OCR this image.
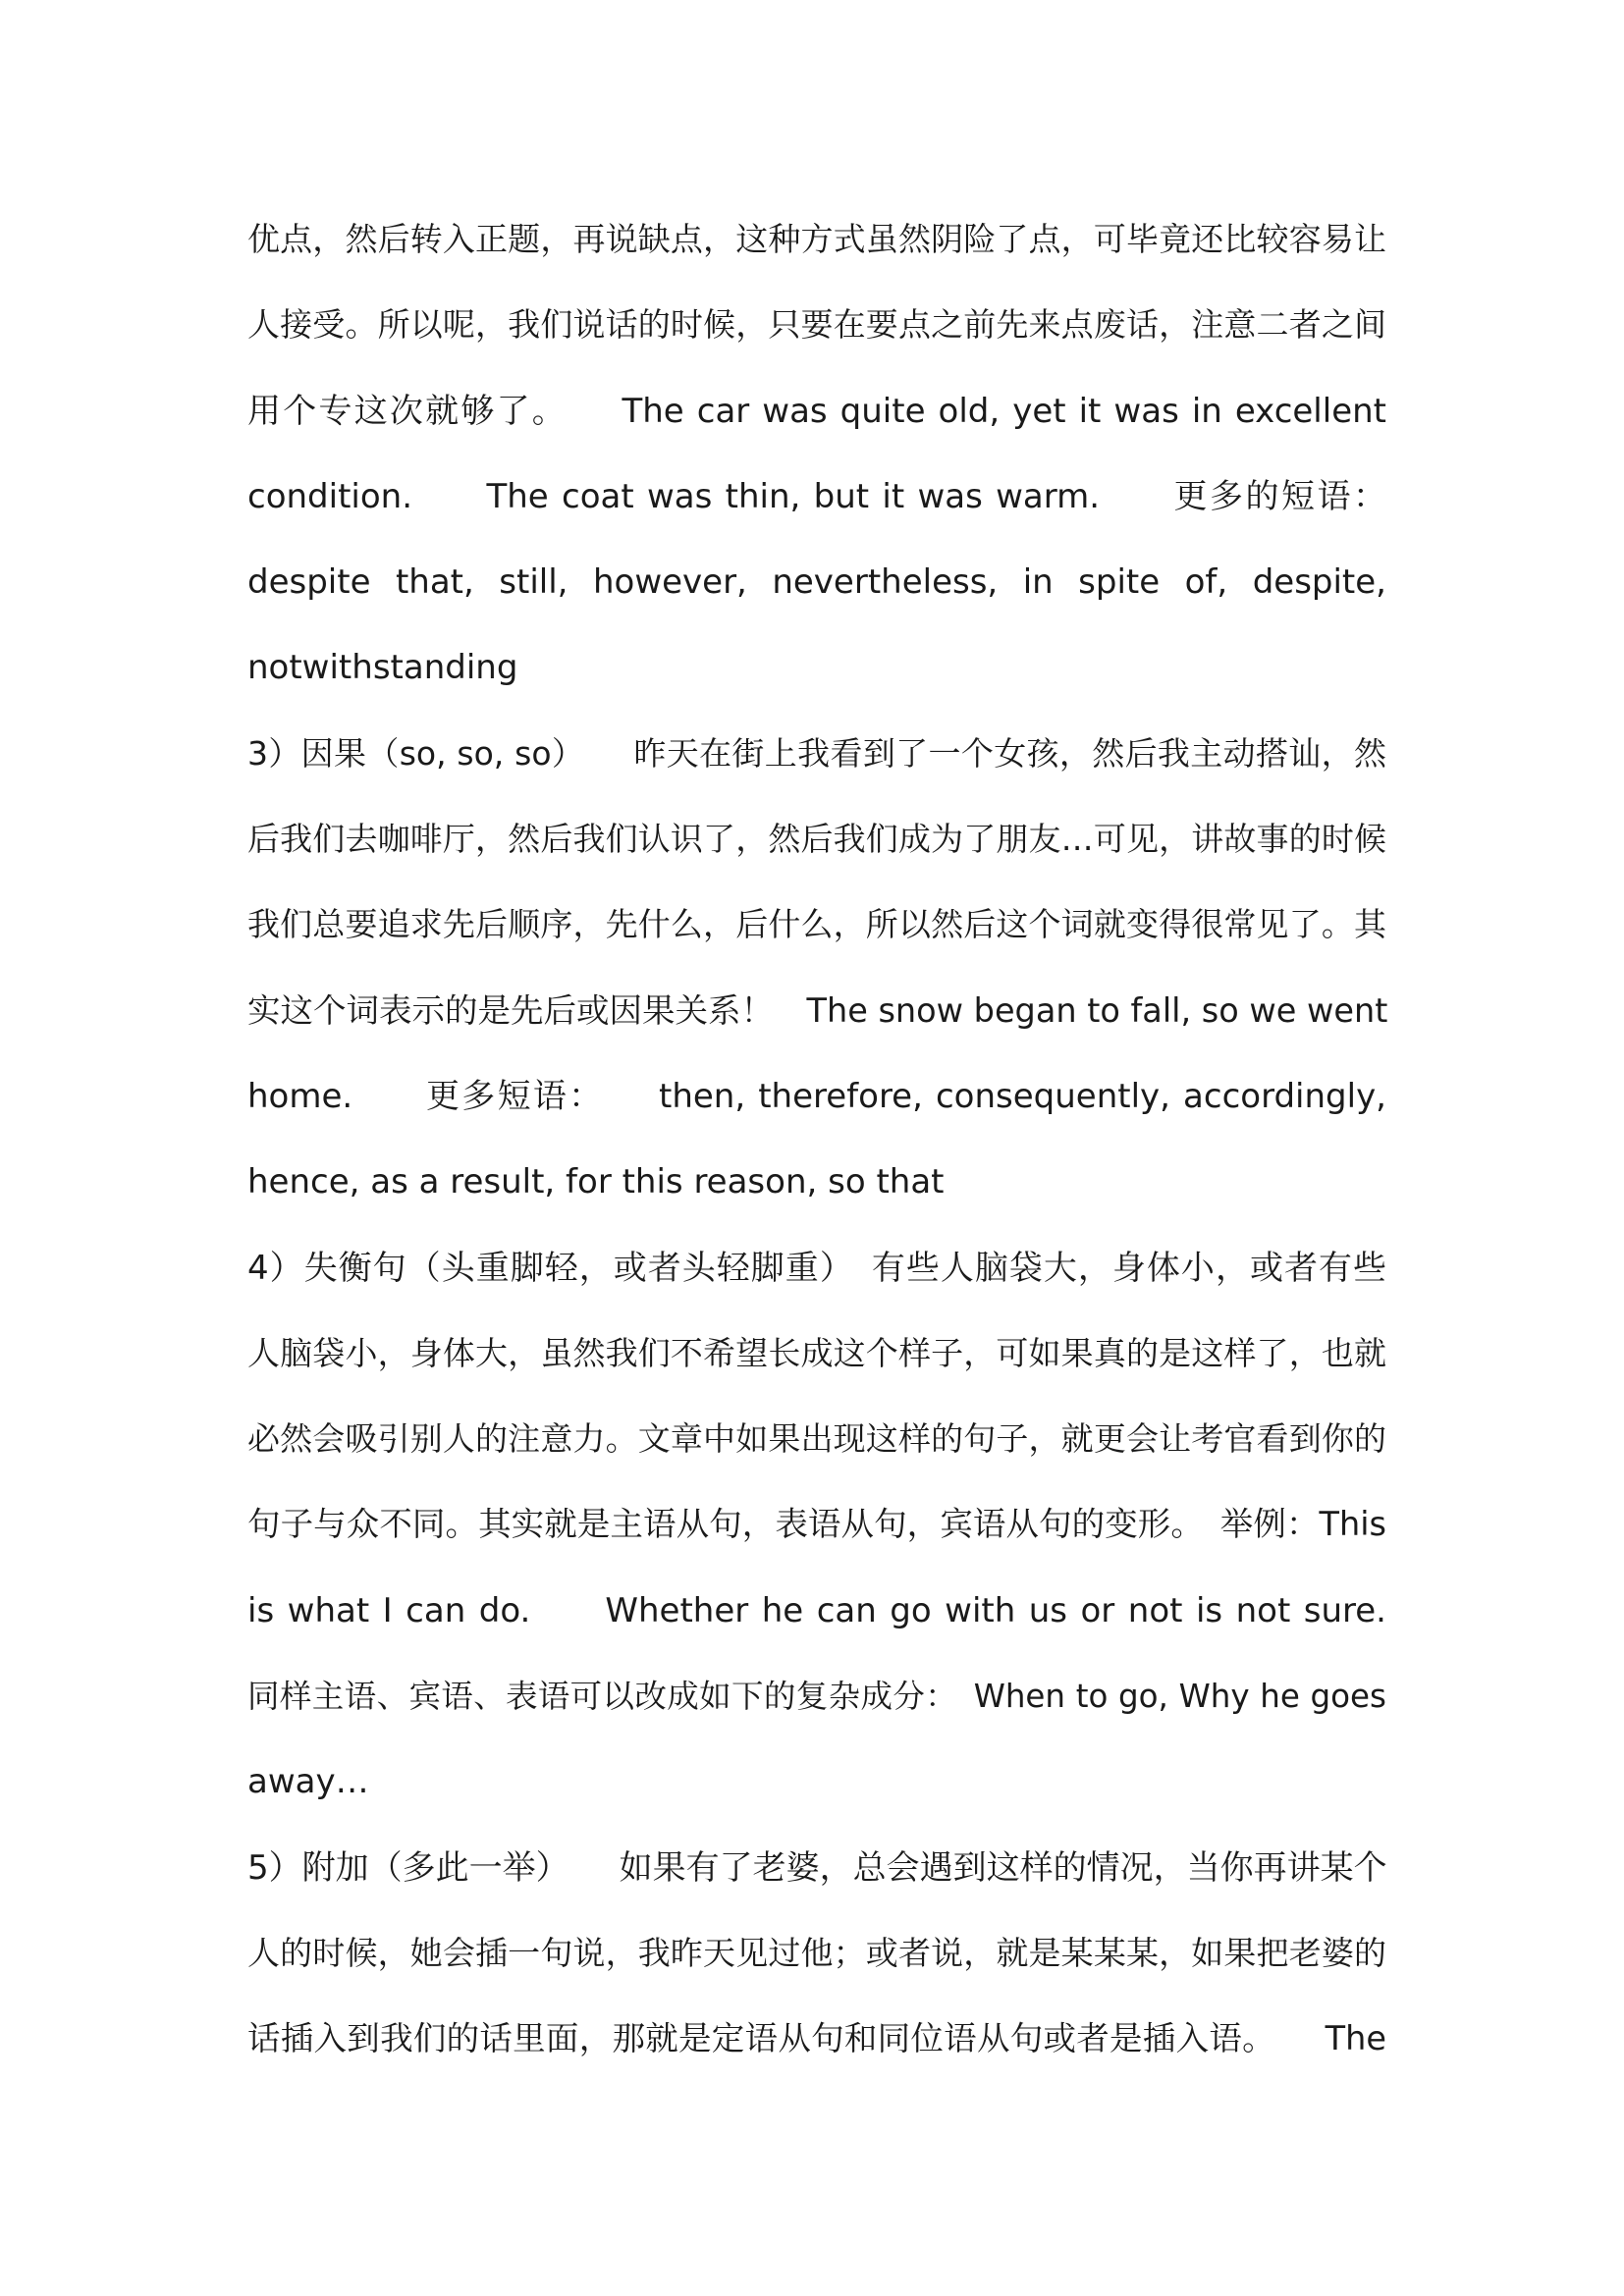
优点，然后转入正题，再说缺点，这种方式虽然阴险了点，可毕竟还比较容易让
人接受。所以呢，我们说话的时候，只要在要点之前先来点废话，注意二者之间
用个专这次就够了。　　The car was quite old, yet it was in excellent
condition.　　The coat was thin, but it was warm.　　更多的短语：
despite that, still, however, nevertheless, in spite of, despite,
notwithstanding
3）因果（so, so, so）　　昨天在街上我看到了一个女孩，然后我主动搭讪，然
后我们去咖啡厅，然后我们认识了，然后我们成为了朋友…可见，讲故事的时候
我们总要追求先后顺序，先什么，后什么，所以然后这个词就变得很常见了。其
实这个词表示的是先后或因果关系！　The snow began to fall, so we went
home.　　更多短语：　　then, therefore, consequently, accordingly,
hence, as a result, for this reason, so that
4）失衡句（头重脚轻，或者头轻脚重）　有些人脑袋大，身体小，或者有些
人脑袋小，身体大，虽然我们不希望长成这个样子，可如果真的是这样了，也就
必然会吸引别人的注意力。文章中如果出现这样的句子，就更会让考官看到你的
句子与众不同。其实就是主语从句，表语从句，宾语从句的变形。　举例：This
is what I can do.　　Whether he can go with us or not is not sure.
同样主语、宾语、表语可以改成如下的复杂成分：　When to go, Why he goes
away…
5）附加（多此一举）　　如果有了老婆，总会遇到这样的情况，当你再讲某个
人的时候，她会插一句说，我昨天见过他；或者说，就是某某某，如果把老婆的
话插入到我们的话里面，那就是定语从句和同位语从句或者是插入语。　　The
